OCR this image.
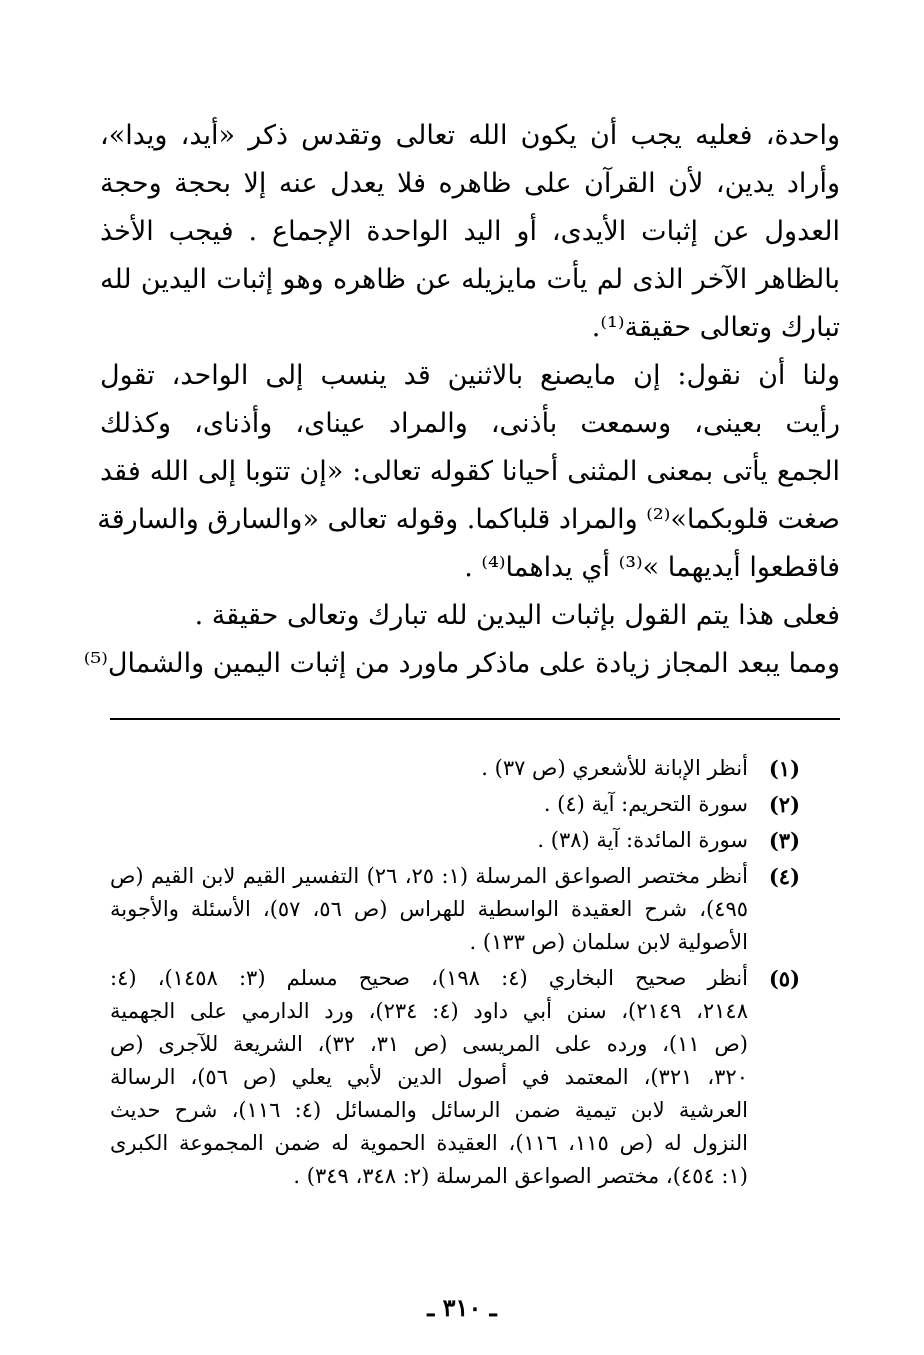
واحدة، فعليه يجب أن يكون الله تعالى وتقدس ذكر «أيد، ويدا»،
وأراد يدين، لأن القرآن على ظاهره فلا يعدل عنه إلا بحجة وحجة
العدول عن إثبات الأيدى، أو اليد الواحدة الإجماع . فيجب الأخذ
بالظاهر الآخر الذى لم يأت مايزيله عن ظاهره وهو إثبات اليدين لله
تبارك وتعالى حقيقة⁽¹⁾.
ولنا أن نقول: إن مايصنع بالاثنين قد ينسب إلى الواحد، تقول
رأيت بعينى، وسمعت بأذنى، والمراد عيناى، وأذناى، وكذلك
الجمع يأتى بمعنى المثنى أحيانا كقوله تعالى: «إن تتوبا إلى الله فقد
صغت قلوبكما»⁽²⁾ والمراد قلباكما. وقوله تعالى «والسارق والسارقة
فاقطعوا أيديهما »⁽³⁾ أي يداهما⁽⁴⁾ .
فعلى هذا يتم القول بإثبات اليدين لله تبارك وتعالى حقيقة .
ومما يبعد المجاز زيادة على ماذكر ماورد من إثبات اليمين والشمال⁽⁵⁾
(١)
أنظر الإبانة للأشعري (ص ٣٧) .
(٢)
سورة التحريم: آية (٤) .
(٣)
سورة المائدة: آية (٣٨) .
(٤)
أنظر مختصر الصواعق المرسلة (١: ٢٥، ٢٦) التفسير القيم لابن القيم (ص
٤٩٥)، شرح العقيدة الواسطية للهراس (ص ٥٦، ٥٧)، الأسئلة والأجوبة
الأصولية لابن سلمان (ص ١٣٣) .
(٥)
أنظر صحيح البخاري (٤: ١٩٨)، صحيح مسلم (٣: ١٤٥٨)، (٤:
٢١٤٨، ٢١٤٩)، سنن أبي داود (٤: ٢٣٤)، ورد الدارمي على الجهمية
(ص ١١)، ورده على المريسى (ص ٣١، ٣٢)، الشريعة للآجرى (ص
٣٢٠، ٣٢١)، المعتمد في أصول الدين لأبي يعلي (ص ٥٦)، الرسالة
العرشية لابن تيمية ضمن الرسائل والمسائل (٤: ١١٦)، شرح حديث
النزول له (ص ١١٥، ١١٦)، العقيدة الحموية له ضمن المجموعة الكبرى
(١: ٤٥٤)، مختصر الصواعق المرسلة (٢: ٣٤٨، ٣٤٩) .
ـ ٣١٠ ـ
